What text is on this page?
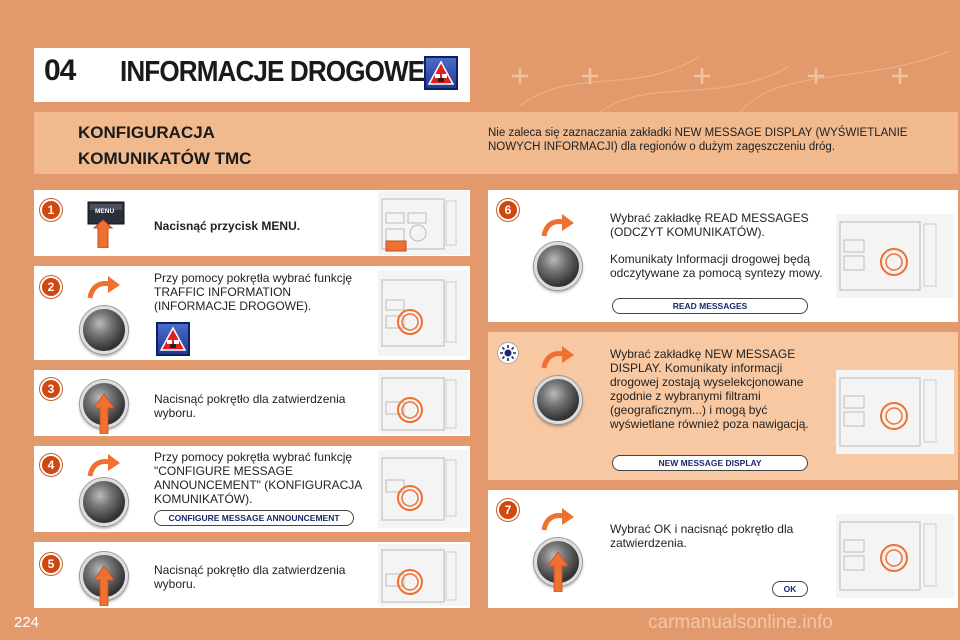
04 INFORMACJE DROGOWE
KONFIGURACJA
KOMUNIKATÓW TMC
Nie zaleca się zaznaczania zakładki NEW MESSAGE DISPLAY (WYŚWIETLANIE NOWYCH INFORMACJI) dla regionów o dużym zagęszczeniu dróg.
1	MENU
Nacisnąć przycisk MENU.
2
Przy pomocy pokrętła wybrać funkcję TRAFFIC INFORMATION (INFORMACJE DROGOWE).
3
Nacisnąć pokrętło dla zatwierdzenia wyboru.
4
Przy pomocy pokrętła wybrać funkcję "CONFIGURE MESSAGE ANNOUNCEMENT" (KONFIGURACJA KOMUNIKATÓW).
CONFIGURE MESSAGE ANNOUNCEMENT
5	Nacisnąć pokrętło dla zatwierdzenia wyboru.
6
Wybrać zakładkę READ MESSAGES (ODCZYT KOMUNIKATÓW).
Komunikaty Informacji drogowej będą odczytywane za pomocą syntezy mowy.
READ MESSAGES
Wybrać zakładkę NEW MESSAGE DISPLAY. Komunikaty informacji drogowej zostają wyselekcjonowane zgodnie z wybranymi filtrami (geograficznym...) i mogą być wyświetlane również poza nawigacją.
NEW MESSAGE DISPLAY
7
Wybrać OK i nacisnąć pokrętło dla zatwierdzenia.
OK
224	carmanualsonline.info
